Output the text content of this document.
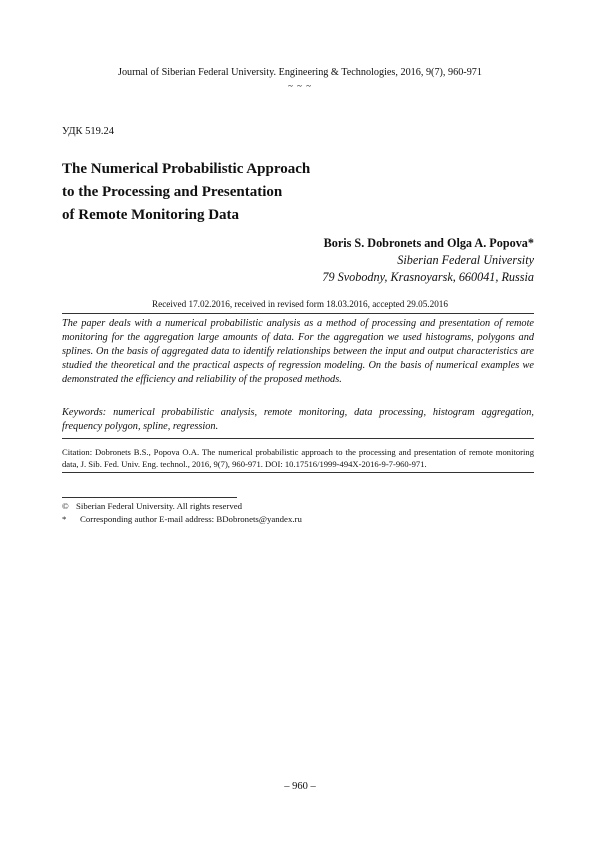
Journal of Siberian Federal University. Engineering & Technologies, 2016, 9(7), 960-971
~ ~ ~
УДК 519.24
The Numerical Probabilistic Approach
to the Processing and Presentation
of Remote Monitoring Data
Boris S. Dobronets and Olga A. Popova*
Siberian Federal University
79 Svobodny, Krasnoyarsk, 660041, Russia
Received 17.02.2016, received in revised form 18.03.2016, accepted 29.05.2016
The paper deals with a numerical probabilistic analysis as a method of processing and presentation of remote monitoring for the aggregation large amounts of data. For the aggregation we used histograms, polygons and splines. On the basis of aggregated data to identify relationships between the input and output characteristics are studied the theoretical and the practical aspects of regression modeling. On the basis of numerical examples we demonstrated the efficiency and reliability of the proposed methods.
Keywords: numerical probabilistic analysis, remote monitoring, data processing, histogram aggregation, frequency polygon, spline, regression.
Citation: Dobronets B.S., Popova O.A. The numerical probabilistic approach to the processing and presentation of remote monitoring data, J. Sib. Fed. Univ. Eng. technol., 2016, 9(7), 960-971. DOI: 10.17516/1999-494X-2016-9-7-960-971.
© Siberian Federal University. All rights reserved
* Corresponding author E-mail address: BDobronets@yandex.ru
– 960 –
